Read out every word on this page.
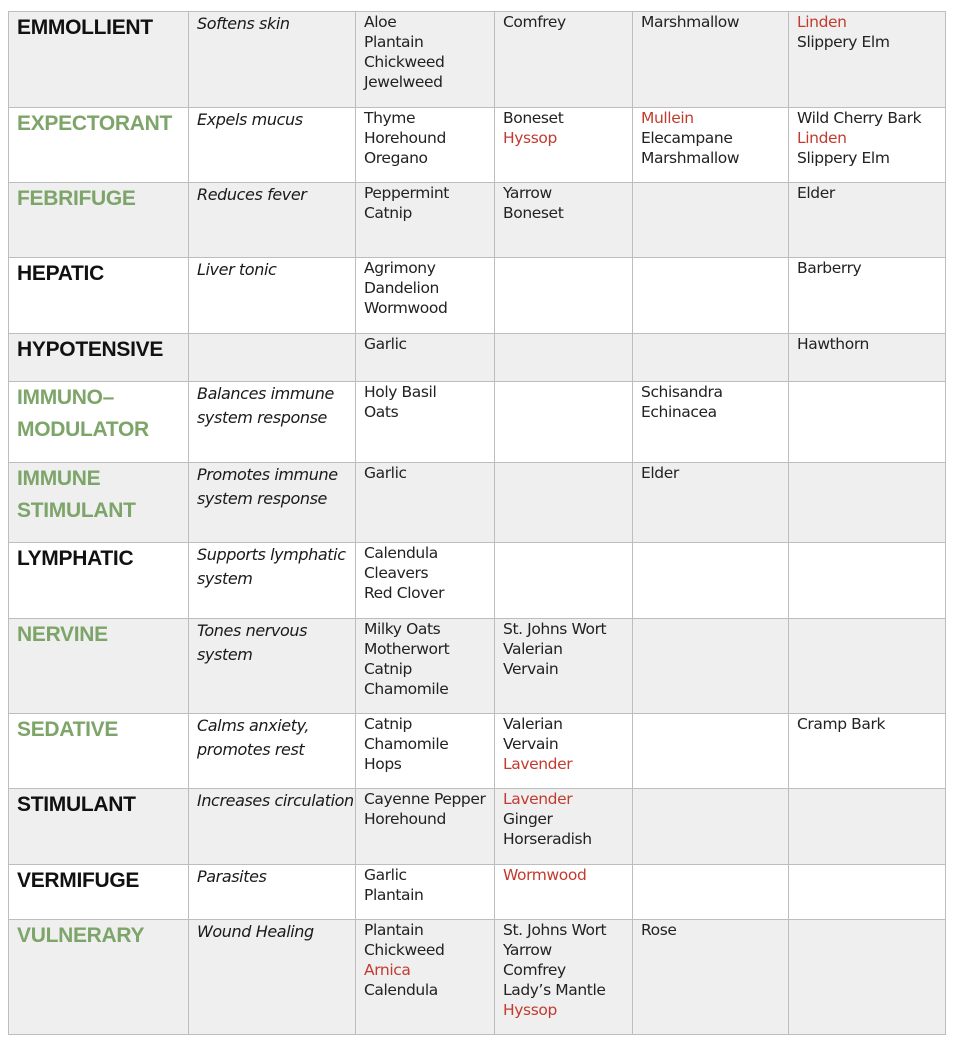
EMMOLLIENT	Softens skin	Aloe
Plantain
Chickweed
Jewelweed	Comfrey	Marshmallow	Linden
Slippery Elm

EXPECTORANT	Expels mucus	Thyme
Horehound
Oregano	Boneset
Hyssop	Mullein
Elecampane
Marshmallow	Wild Cherry Bark
Linden
Slippery Elm

FEBRIFUGE	Reduces fever	Peppermint
Catnip	Yarrow
Boneset		Elder

HEPATIC	Liver tonic	Agrimony
Dandelion
Wormwood			Barberry

HYPOTENSIVE		Garlic			Hawthorn

IMMUNO–
MODULATOR	Balances immune system response	Holy Basil
Oats		Schisandra
Echinacea	

IMMUNE
STIMULANT	Promotes immune system response	Garlic		Elder	

LYMPHATIC	Supports lymphatic system	Calendula
Cleavers
Red Clover			

NERVINE	Tones nervous system	Milky Oats
Motherwort
Catnip
Chamomile	St. Johns Wort
Valerian
Vervain		

SEDATIVE	Calms anxiety, promotes rest	Catnip
Chamomile
Hops	Valerian
Vervain
Lavender		Cramp Bark

STIMULANT	Increases circulation	Cayenne Pepper
Horehound	Lavender
Ginger
Horseradish		

VERMIFUGE	Parasites	Garlic
Plantain	Wormwood		

VULNERARY	Wound Healing	Plantain
Chickweed
Arnica
Calendula	St. Johns Wort
Yarrow
Comfrey
Lady’s Mantle
Hyssop	Rose	
